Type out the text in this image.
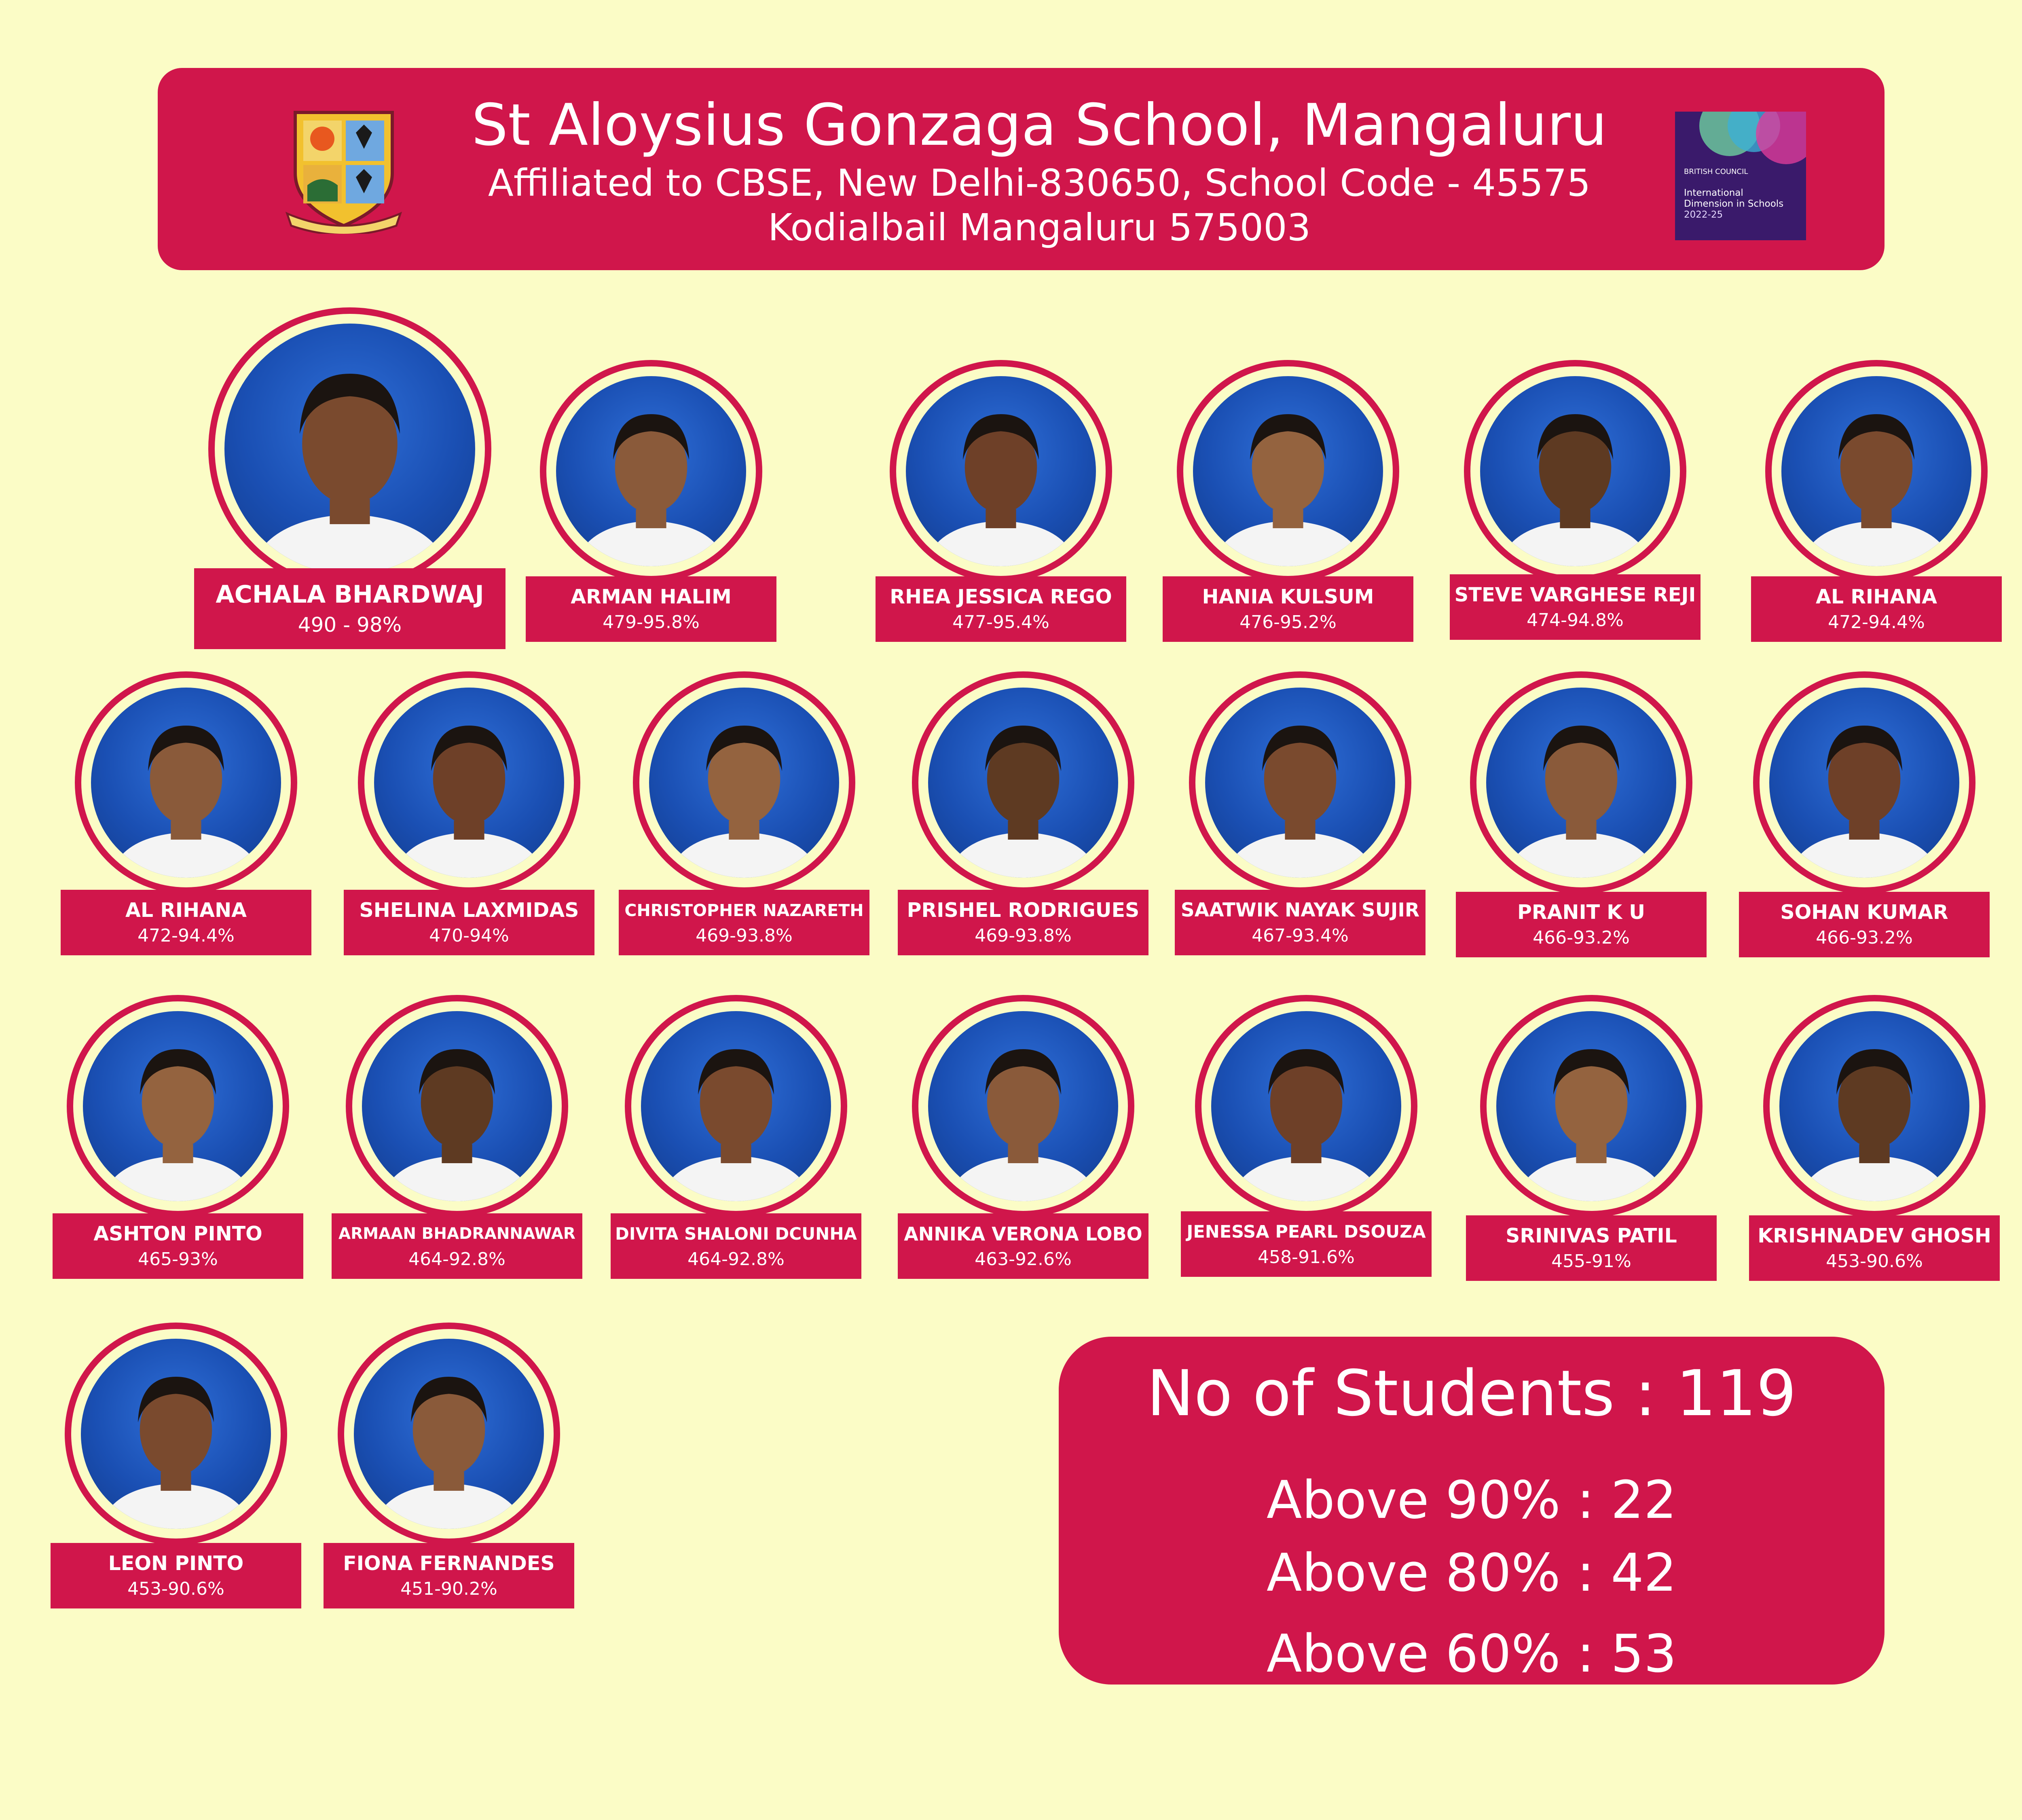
St Aloysius Gonzaga School, Mangaluru
Affiliated to CBSE, New Delhi-830650, School Code - 45575
Kodialbail Mangaluru 575003
BRITISH COUNCIL
International
Dimension in Schools

2022-25
ACHALA BHARDWAJ
490 - 98%
ARMAN HALIM
479-95.8%
RHEA JESSICA REGO
477-95.4%
HANIA KULSUM
476-95.2%
STEVE VARGHESE REJI
474-94.8%
AL RIHANA
472-94.4%
AL RIHANA
472-94.4%
SHELINA LAXMIDAS
470-94%
CHRISTOPHER NAZARETH
469-93.8%
PRISHEL RODRIGUES
469-93.8%
SAATWIK NAYAK SUJIR
467-93.4%
PRANIT K U
466-93.2%
SOHAN KUMAR
466-93.2%
ASHTON PINTO
465-93%
ARMAAN BHADRANNAWAR
464-92.8%
DIVITA SHALONI DCUNHA
464-92.8%
ANNIKA VERONA LOBO
463-92.6%
JENESSA PEARL DSOUZA
458-91.6%
SRINIVAS PATIL
455-91%
KRISHNADEV GHOSH
453-90.6%
LEON PINTO
453-90.6%
FIONA FERNANDES
451-90.2%
No of Students : 119
Above 90% : 22
Above 80% : 42
Above 60% : 53
